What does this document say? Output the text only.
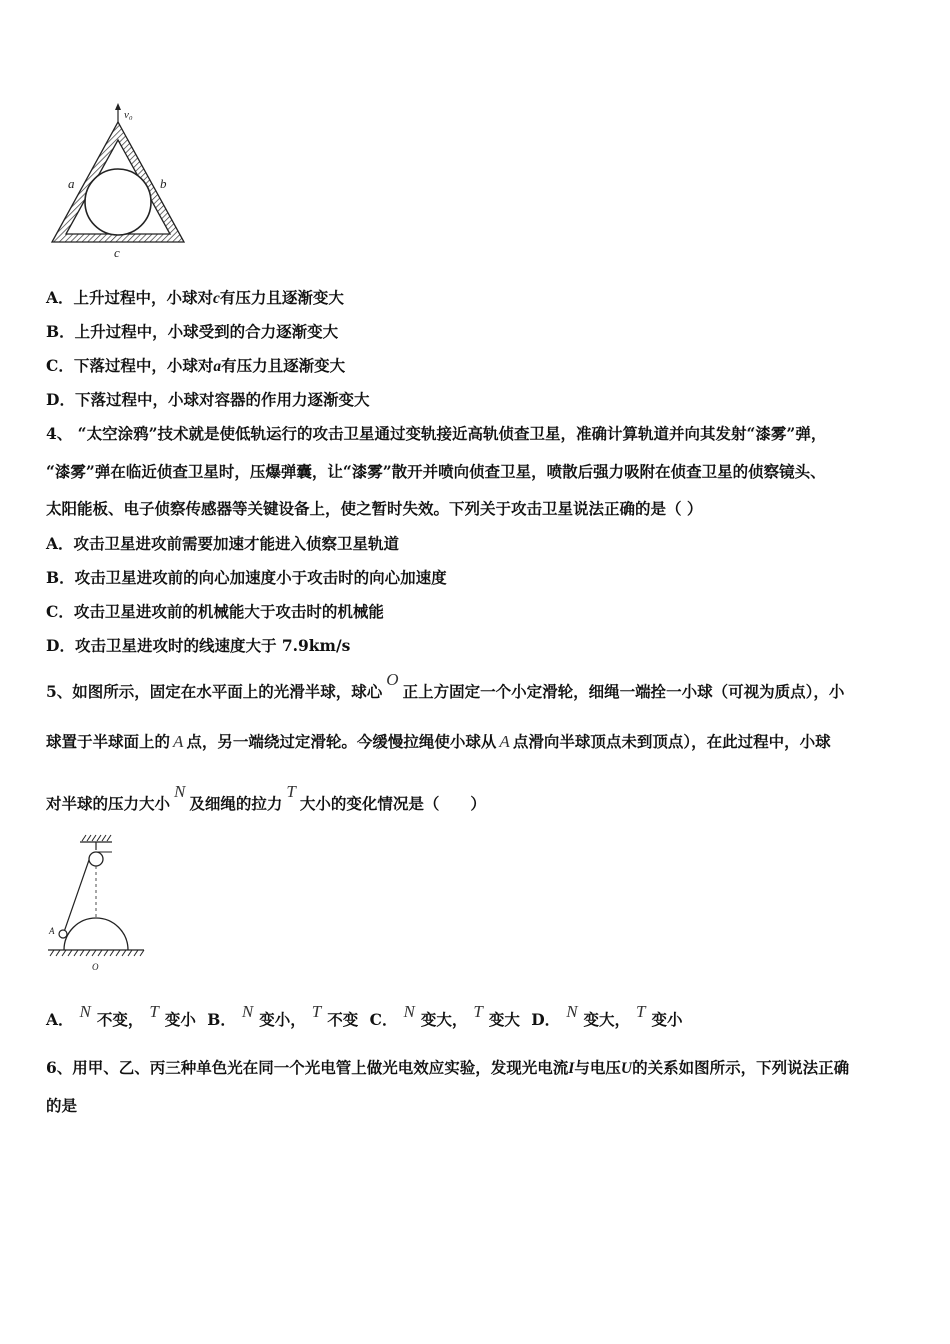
v₀
a	b
c
A．上升过程中，小球对c有压力且逐渐变大
B．上升过程中，小球受到的合力逐渐变大
C．下落过程中，小球对a有压力且逐渐变大
D．下落过程中，小球对容器的作用力逐渐变大
4、 “太空涂鸦”技术就是使低轨运行的攻击卫星通过变轨接近高轨侦查卫星，准确计算轨道并向其发射“漆雾”弹，
“漆雾”弹在临近侦查卫星时，压爆弹囊，让“漆雾”散开并喷向侦查卫星，喷散后强力吸附在侦查卫星的侦察镜头、
太阳能板、电子侦察传感器等关键设备上，使之暂时失效。下列关于攻击卫星说法正确的是（ ）
A．攻击卫星进攻前需要加速才能进入侦察卫星轨道
B．攻击卫星进攻前的向心加速度小于攻击时的向心加速度
C．攻击卫星进攻前的机械能大于攻击时的机械能
D．攻击卫星进攻时的线速度大于 7.9km/s
5、如图所示，固定在水平面上的光滑半球，球心O正上方固定一个小定滑轮，细绳一端拴一小球（可视为质点），小
球置于半球面上的 A 点，另一端绕过定滑轮。今缓慢拉绳使小球从 A 点滑向半球顶点未到顶点），在此过程中，小球
对半球的压力大小N及细绳的拉力T大小的变化情况是（　　）
A
O
A． N 不变， T 变小 B． N 变小， T 不变 C． N 变大， T 变大 D． N 变大， T 变小
6、用甲、乙、丙三种单色光在同一个光电管上做光电效应实验，发现光电流I与电压U的关系如图所示，下列说法正确
的是
